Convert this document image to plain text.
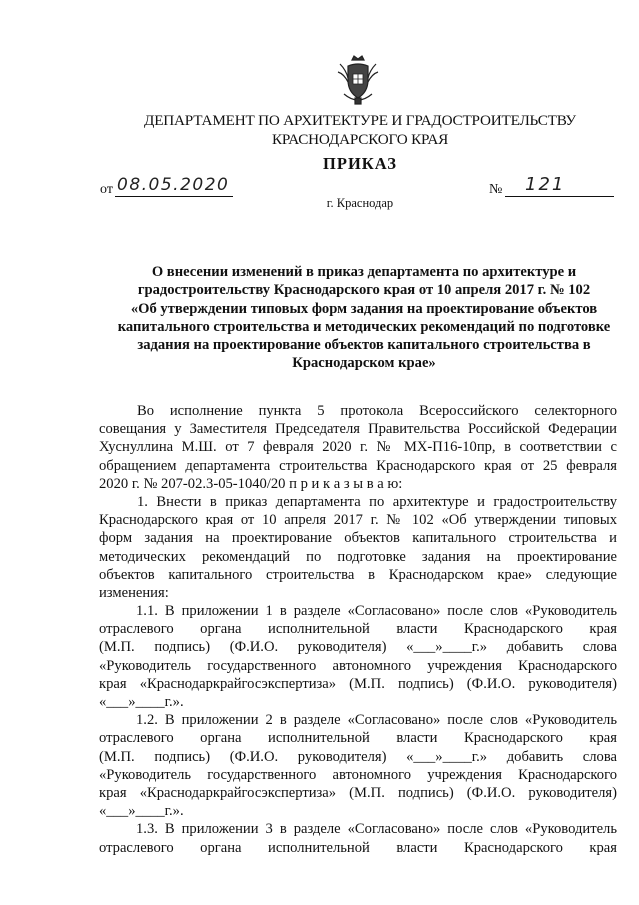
ДЕПАРТАМЕНТ ПО АРХИТЕКТУРЕ И ГРАДОСТРОИТЕЛЬСТВУ
КРАСНОДАРСКОГО КРАЯ
ПРИКАЗ
от 08.05.2020	№ 121
г. Краснодар
О внесении изменений в приказ департамента по архитектуре и
градостроительству Краснодарского края от 10 апреля 2017 г. № 102
«Об утверждении типовых форм задания на проектирование объектов
капитального строительства и методических рекомендаций по подготовке
задания на проектирование объектов капитального строительства в
Краснодарском крае»
Во исполнение пункта 5 протокола Всероссийского селекторного
совещания у Заместителя Председателя Правительства Российской Федерации
Хуснуллина М.Ш. от 7 февраля 2020 г. № МХ-П16-10пр, в соответствии с
обращением департамента строительства Краснодарского края от 25 февраля
2020 г. № 207-02.3-05-1040/20 п р и к а з ы в а ю:
1. Внести в приказ департамента по архитектуре и градостроительству
Краснодарского края от 10 апреля 2017 г. № 102 «Об утверждении типовых
форм задания на проектирование объектов капитального строительства и
методических рекомендаций по подготовке задания на проектирование
объектов капитального строительства в Краснодарском крае» следующие
изменения:
1.1. В приложении 1 в разделе «Согласовано» после слов «Руководитель
отраслевого органа исполнительной власти Краснодарского края
(М.П. подпись) (Ф.И.О. руководителя) «___»____г.» добавить слова
«Руководитель государственного автономного учреждения Краснодарского
края «Краснодаркрайгосэкспертиза» (М.П. подпись) (Ф.И.О. руководителя)
«___»____г.».
1.2. В приложении 2 в разделе «Согласовано» после слов «Руководитель
отраслевого органа исполнительной власти Краснодарского края
(М.П. подпись) (Ф.И.О. руководителя) «___»____г.» добавить слова
«Руководитель государственного автономного учреждения Краснодарского
края «Краснодаркрайгосэкспертиза» (М.П. подпись) (Ф.И.О. руководителя)
«___»____г.».
1.3. В приложении 3 в разделе «Согласовано» после слов «Руководитель
отраслевого органа исполнительной власти Краснодарского края
